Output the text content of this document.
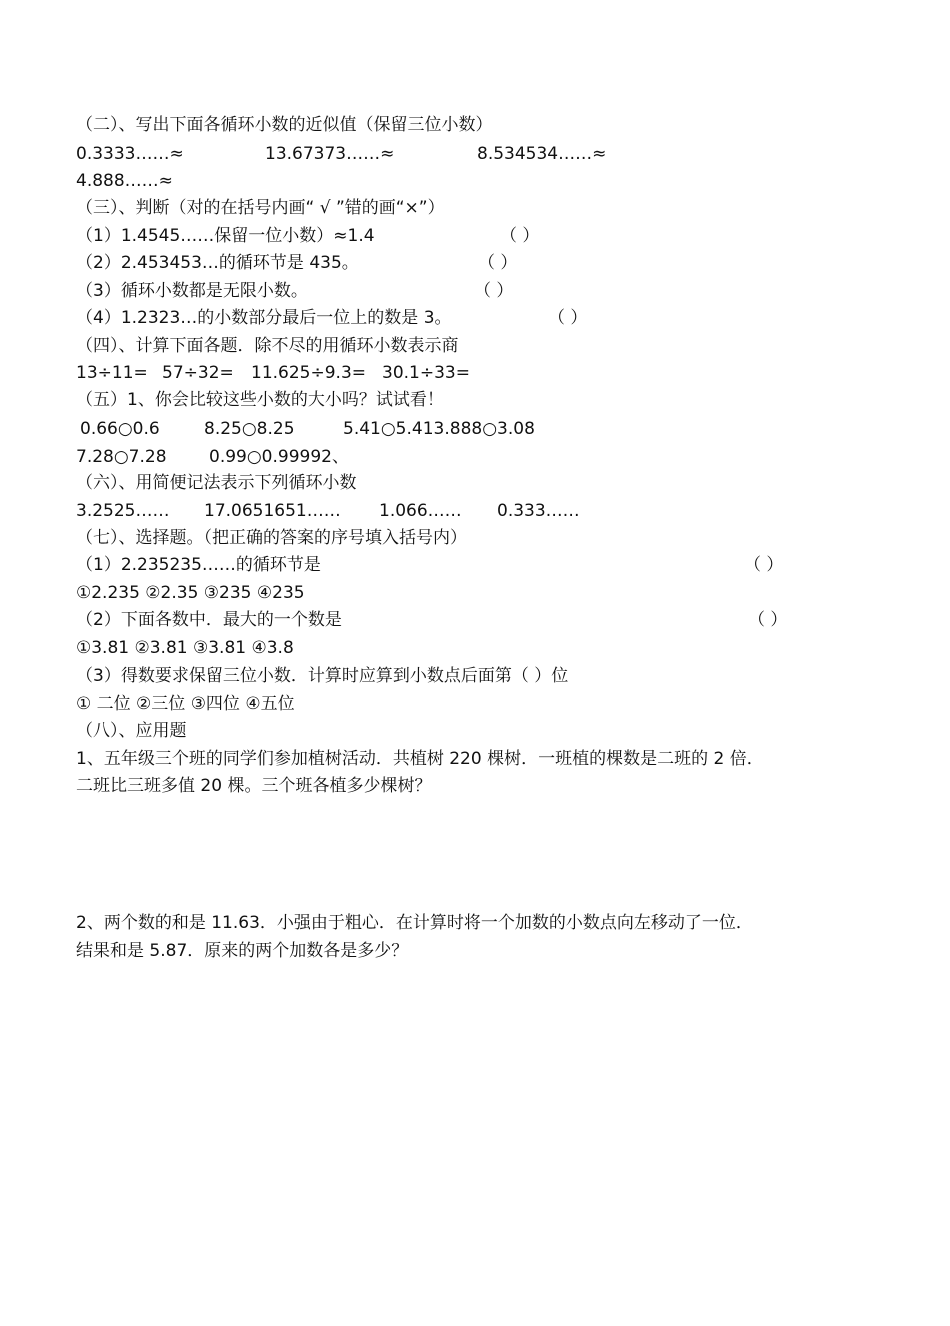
（二）、写出下面各循环小数的近似值（保留三位小数）
0.3333……≈	13.67373……≈	8.534534……≈
4.888……≈
（三）、判断（对的在括号内画“ √ ”错的画“×”）
（1）1.4545……保留一位小数）≈1.4	（ ）
（2）2.453453…的循环节是 435。	（ ）
（3）循环小数都是无限小数。	（ ）
（4）1.2323…的小数部分最后一位上的数是 3。	（ ）
（四）、计算下面各题．除不尽的用循环小数表示商
13÷11= 57÷32= 11.625÷9.3= 30.1÷33=
（五）1、你会比较这些小数的大小吗？试试看！
0.66○0.6	8.25○8.25	5.41○5.413.888○3.08
7.28○7.28 0.99○0.99992、
（六）、用简便记法表示下列循环小数
3.2525…… 17.0651651…… 1.066…… 0.333……
（七）、选择题。（把正确的答案的序号填入括号内）
（1）2.235235……的循环节是	（ ）
①2.235 ②2.35 ③235 ④235
（2）下面各数中．最大的一个数是	（ ）
①3.81 ②3.81 ③3.81 ④3.8
（3）得数要求保留三位小数．计算时应算到小数点后面第（ ）位
① 二位 ②三位 ③四位 ④五位
（八）、应用题
1、五年级三个班的同学们参加植树活动．共植树 220 棵树．一班植的棵数是二班的 2 倍．
二班比三班多值 20 棵。三个班各植多少棵树？
2、两个数的和是 11.63．小强由于粗心．在计算时将一个加数的小数点向左移动了一位．
结果和是 5.87．原来的两个加数各是多少？
